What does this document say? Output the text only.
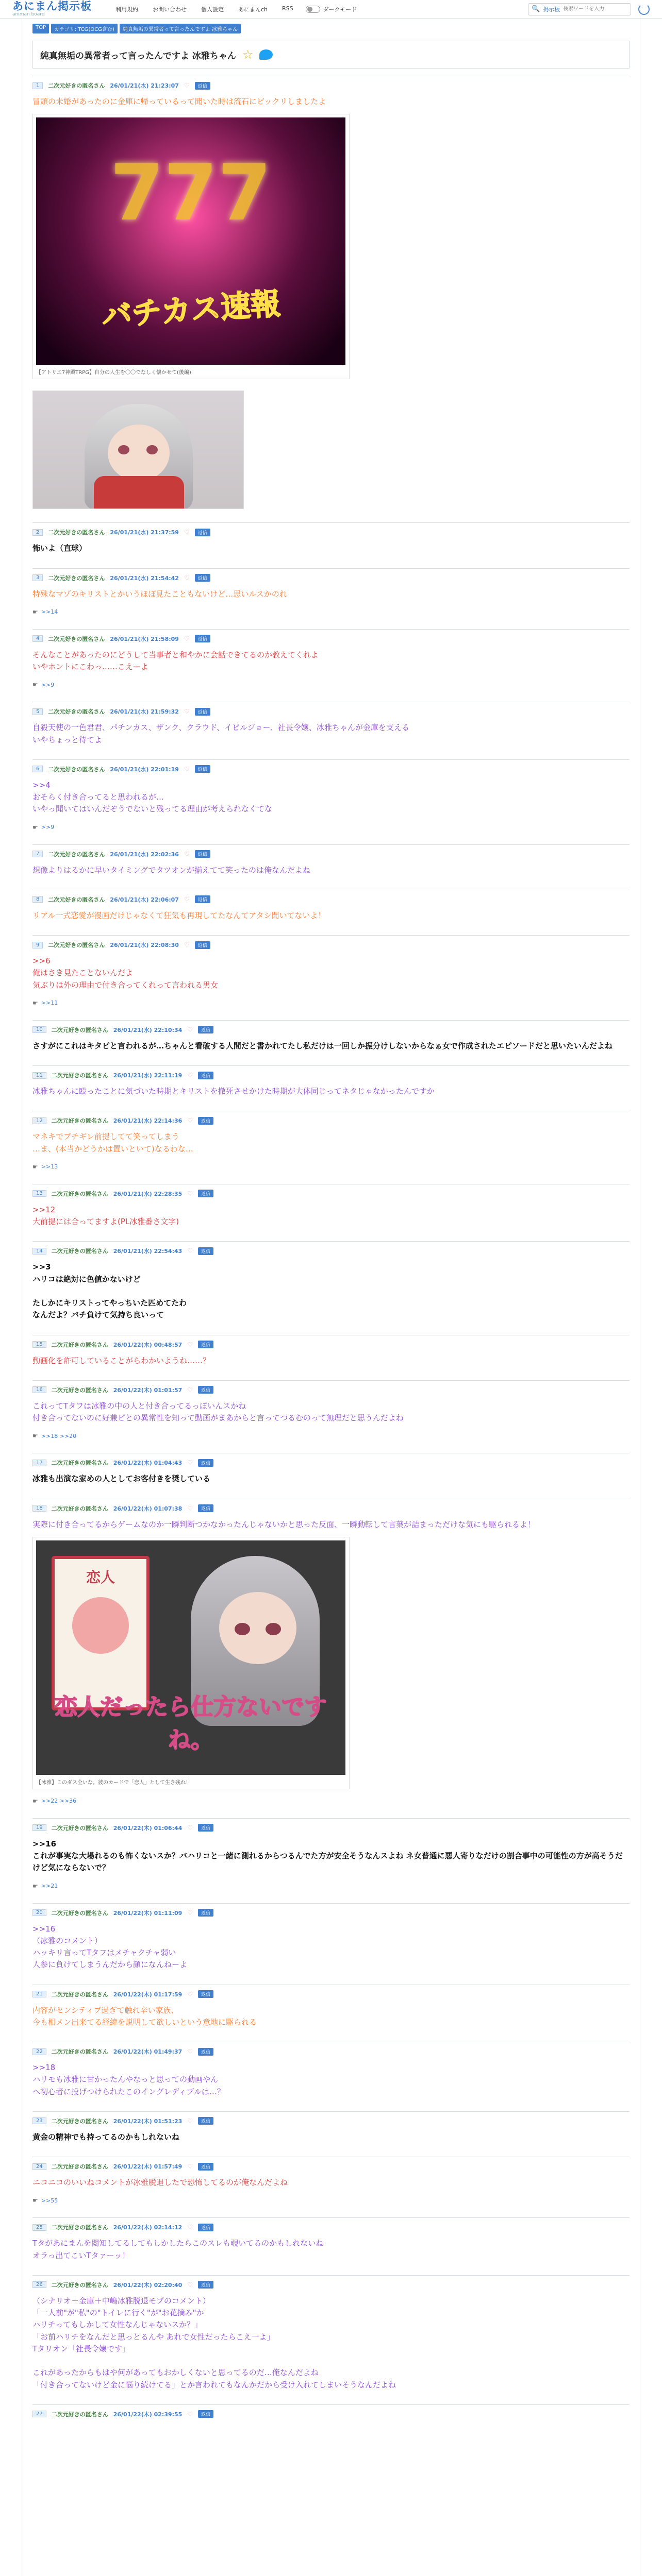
あにまん掲示板
animan board
利用規約	お問い合わせ	個人設定	あにまんch	RSS	ダークモード	🔍 掲示板
検索ワードを入力
TOP	カテゴリ: TCG(OCG含む)	純真無垢の異常者って言ったんですよ 冰雅ちゃん
純真無垢の異常者って言ったんですよ 冰雅ちゃん ☆
1	二次元好きの匿名さん 26/01/21(水) 21:23:07 ♡	返信
冒頭の未婚があったのに金庫に帰っているって聞いた時は流石にビックリしましたよ
777
バチカス速報
【アトリエ7神殿TRPG】自分の人生を〇〇でなしく懐かせて(後編)
2	二次元好きの匿名さん 26/01/21(水) 21:37:59 ♡	返信
怖いよ（直球）
3	二次元好きの匿名さん 26/01/21(水) 21:54:42 ♡	返信
特殊なマゾのキリストとかいうほぼ見たこともないけど…思いルスかのれ
☛ >>14
4	二次元好きの匿名さん 26/01/21(水) 21:58:09 ♡	返信
そんなことがあったのにどうして当事者と和やかに会話できてるのか教えてくれよ
いやホントにこわっ……こえーよ
☛ >>9
5	二次元好きの匿名さん 26/01/21(水) 21:59:32 ♡	返信
自殺天使の一色君君、パチンカス、ザンク、クラウド、イビルジョー、社長令嬢、冰雅ちゃんが金庫を支える
いやちょっと待てよ
6	二次元好きの匿名さん 26/01/21(水) 22:01:19 ♡	返信
>>4
おそらく付き合ってると思われるが…
いやっ聞いてはいんだぞうでないと残ってる理由が考えられなくてな
☛ >>9
7	二次元好きの匿名さん 26/01/21(水) 22:02:36 ♡	返信
想像よりはるかに早いタイミングでタツオンが揃えてて笑ったのは俺なんだよね
8	二次元好きの匿名さん 26/01/21(水) 22:06:07 ♡	返信
リアル一式恋愛が漫画だけじゃなくて狂気も再現してたなんてアタシ聞いてないよ！
9	二次元好きの匿名さん 26/01/21(水) 22:08:30 ♡	返信
>>6
俺はさき見たことないんだよ
気ぶりは外の理由で付き合ってくれって言われる男女
☛ >>11
10	二次元好きの匿名さん 26/01/21(水) 22:10:34 ♡	返信
さすがにこれはキタピと言われるが…ちゃんと看破する人間だと書かれてたし私だけは一回しか振分けしないからなぁ女で作成されたエピソードだと思いたいんだよね
11	二次元好きの匿名さん 26/01/21(水) 22:11:19 ♡	返信
冰雅ちゃんに殴ったことに気づいた時期とキリストを撤死させかけた時期が大体同じってネタじゃなかったんですか
12	二次元好きの匿名さん 26/01/21(水) 22:14:36 ♡	返信
マネキでブチギレ前提してて笑ってしまう
…ま、(本当かどうかは置いといて)なるわな…
☛ >>13
13	二次元好きの匿名さん 26/01/21(水) 22:28:35 ♡	返信
>>12
大前提には合ってますよ(PL冰雅番さ文字)
14	二次元好きの匿名さん 26/01/21(水) 22:54:43 ♡	返信
>>3
ハリコは絶対に色値かないけど

たしかにキリストってやっちいた匹めてたわ
なんだよ？バチ負けて気持ち良いって
15	二次元好きの匿名さん 26/01/22(木) 00:48:57 ♡	返信
動画化を許可していることがらわかいようね……？
16	二次元好きの匿名さん 26/01/22(木) 01:01:57 ♡	返信
これってTタフは冰雅の中の人と付き合ってるっぽいんスかね
付き合ってないのに好兼ピとの異常性を知って動画がまあからと言ってつるむのって無理だと思うんだよね
☛ >>18 >>20
17	二次元好きの匿名さん 26/01/22(木) 01:04:43 ♡	返信
冰雅も出演な家めの人としてお客付きを奨している
18	二次元好きの匿名さん 26/01/22(木) 01:07:38 ♡	返信
実際に付き合ってるからゲームなのか一瞬判断つかなかったんじゃないかと思った反面、一瞬動転して言葉が詰まっただけな気にも駆られるよ！
恋人
恋人だったら仕方ないですね。
【冰雅】このダス全いな。彼のカードで「恋人」として生き残れ！
☛ >>22 >>36
19	二次元好きの匿名さん 26/01/22(木) 01:06:44 ♡	返信
>>16
これが事実な大場れるのも怖くないスか？バハリコと一緒に測れるからつるんでた方が安全そうなんスよね ネ女普通に悪人寄りなだけの割合事中の可能性の方が高そうだけど気にならないで？
☛ >>21
20	二次元好きの匿名さん 26/01/22(木) 01:11:09 ♡	返信
>>16
（冰雅のコメント）
ハッキリ言ってTタフはメチャクチャ弱い
人参に負けてしまうんだから顔になんねーよ
21	二次元好きの匿名さん 26/01/22(木) 01:17:59 ♡	返信
内容がセンシティブ過ぎて触れ辛い家族、
今も相メン出来てる経緯を説明して欲しいという意地に駆られる
22	二次元好きの匿名さん 26/01/22(木) 01:49:37 ♡	返信
>>18
ハリモも冰雅に甘かったんやなっと思っての動画やん
へ初心者に投げつけられたこのイングレディブルは…？
23	二次元好きの匿名さん 26/01/22(木) 01:51:23 ♡	返信
黄金の精神でも持ってるのかもしれないね
24	二次元好きの匿名さん 26/01/22(木) 01:57:49 ♡	返信
ニコニコのいいねコメントが冰雅脱退したで恐怖してるのが俺なんだよね
☛ >>55
25	二次元好きの匿名さん 26/01/22(木) 02:14:12 ♡	返信
Tタがあにまんを閲知してるしてもしかしたらこのスレも覗いてるのかもしれないね
オラっ出てこいTタァーッ！
26	二次元好きの匿名さん 26/01/22(木) 02:20:40 ♡	返信
（シナリオ＋金庫＋中嶋冰雅脱退モブのコメント）
「一人前"が"私"の"トイレに行く"が"お花摘み"か
ハリチってもしかして女性なんじゃないスか？」
「お前ハリチをなんだと思っとるんや あれで女性だったらこえ一よ」
Tタリオン「社長令嬢です」

これがあったからもはや何があってもおかしくないと思ってるのだ…俺なんだよね
「付き合ってないけど金に悩り続けてる」とか言われてもなんかだから受け入れてしまいそうなんだよね
27	二次元好きの匿名さん 26/01/22(木) 02:39:55 ♡	返信
